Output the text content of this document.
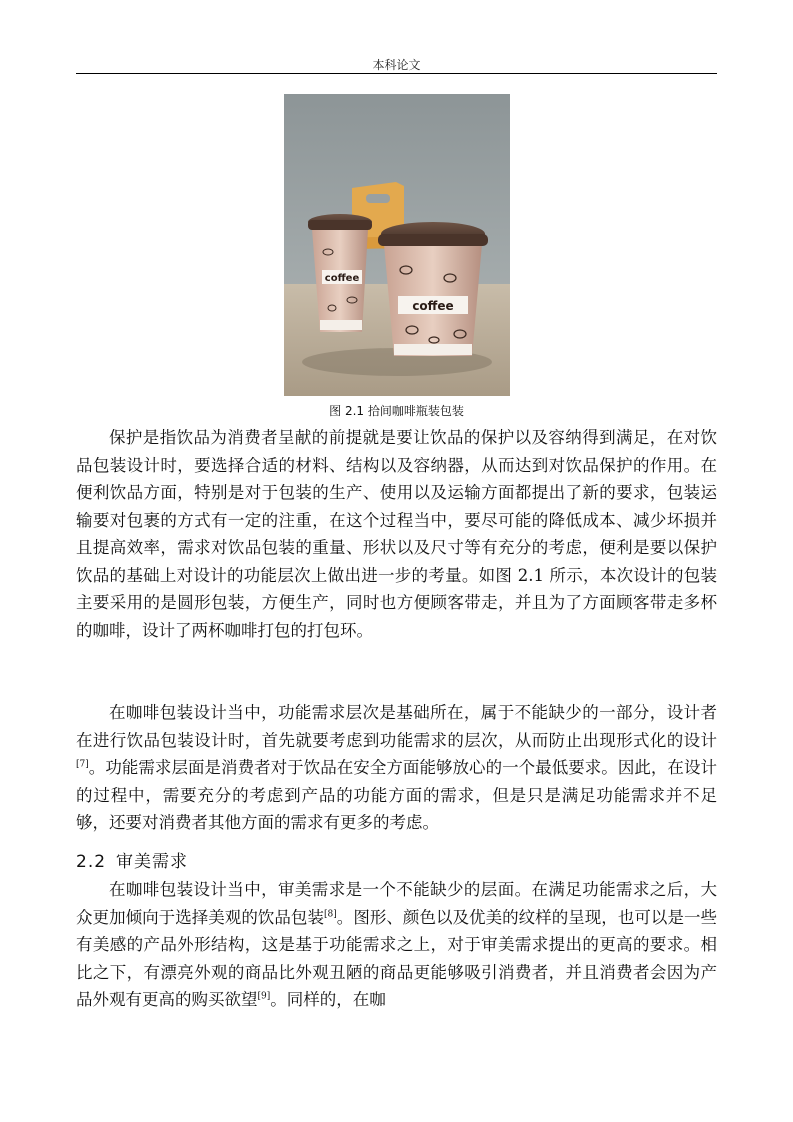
本科论文
coffee
coffee
图 2.1 拾间咖啡瓶装包装

保护是指饮品为消费者呈献的前提就是要让饮品的保护以及容纳得到满足，在对饮品包装设计时，要选择合适的材料、结构以及容纳器，从而达到对饮品保护的作用。在便利饮品方面，特别是对于包装的生产、使用以及运输方面都提出了新的要求，包装运输要对包裹的方式有一定的注重，在这个过程当中，要尽可能的降低成本、减少坏损并且提高效率，需求对饮品包装的重量、形状以及尺寸等有充分的考虑，便利是要以保护饮品的基础上对设计的功能层次上做出进一步的考量。如图 2.1 所示，本次设计的包装主要采用的是圆形包装，方便生产，同时也方便顾客带走，并且为了方面顾客带走多杯的咖啡，设计了两杯咖啡打包的打包环。

在咖啡包装设计当中，功能需求层次是基础所在，属于不能缺少的一部分，设计者在进行饮品包装设计时，首先就要考虑到功能需求的层次，从而防止出现形式化的设计[7]。功能需求层面是消费者对于饮品在安全方面能够放心的一个最低要求。因此，在设计的过程中，需要充分的考虑到产品的功能方面的需求，但是只是满足功能需求并不足够，还要对消费者其他方面的需求有更多的考虑。

2.2 审美需求

在咖啡包装设计当中，审美需求是一个不能缺少的层面。在满足功能需求之后，大众更加倾向于选择美观的饮品包装[8]。图形、颜色以及优美的纹样的呈现，也可以是一些有美感的产品外形结构，这是基于功能需求之上，对于审美需求提出的更高的要求。相比之下，有漂亮外观的商品比外观丑陋的商品更能够吸引消费者，并且消费者会因为产品外观有更高的购买欲望[9]。同样的，在咖
